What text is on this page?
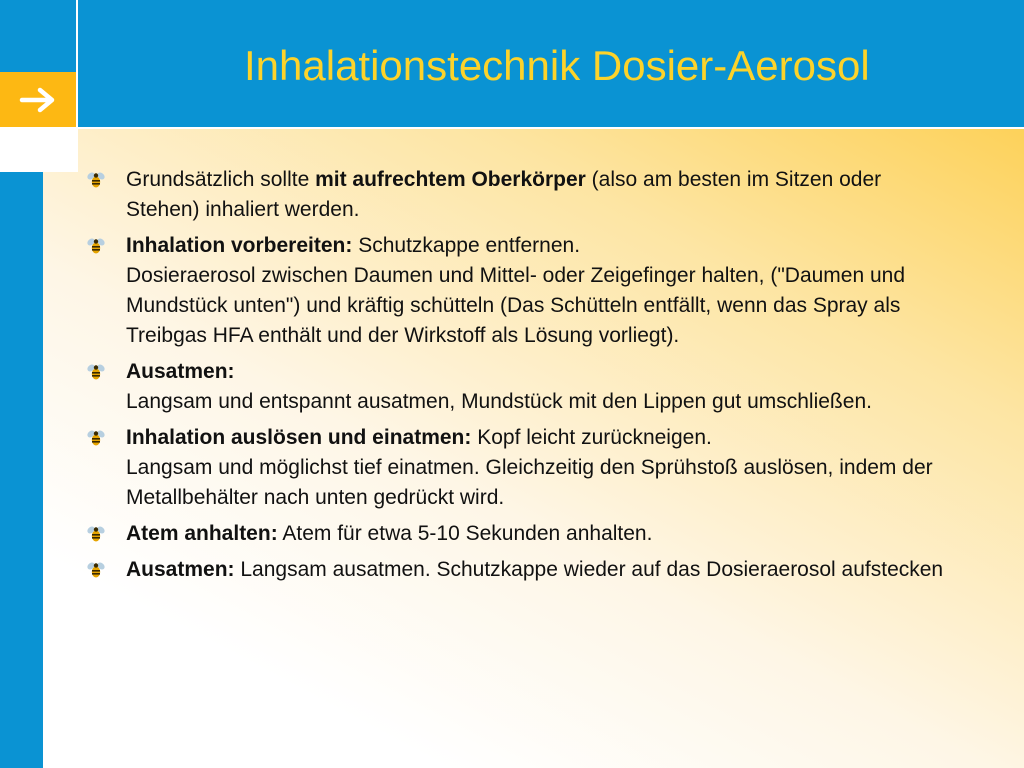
Inhalationstechnik Dosier-Aerosol
Grundsätzlich sollte mit aufrechtem Oberkörper (also am besten im Sitzen oder Stehen) inhaliert werden.
Inhalation vorbereiten: Schutzkappe entfernen.
Dosieraerosol zwischen Daumen und Mittel- oder Zeigefinger halten, ("Daumen und Mundstück unten") und kräftig schütteln (Das Schütteln entfällt, wenn das Spray als Treibgas HFA enthält und der Wirkstoff als Lösung vorliegt).
Ausatmen:
Langsam und entspannt ausatmen, Mundstück mit den Lippen gut umschließen.
Inhalation auslösen und einatmen: Kopf leicht zurückneigen.
Langsam und möglichst tief einatmen. Gleichzeitig den Sprühstoß auslösen, indem der Metallbehälter nach unten gedrückt wird.
Atem anhalten: Atem für etwa 5-10 Sekunden anhalten.
Ausatmen: Langsam ausatmen. Schutzkappe wieder auf das Dosieraerosol aufstecken
